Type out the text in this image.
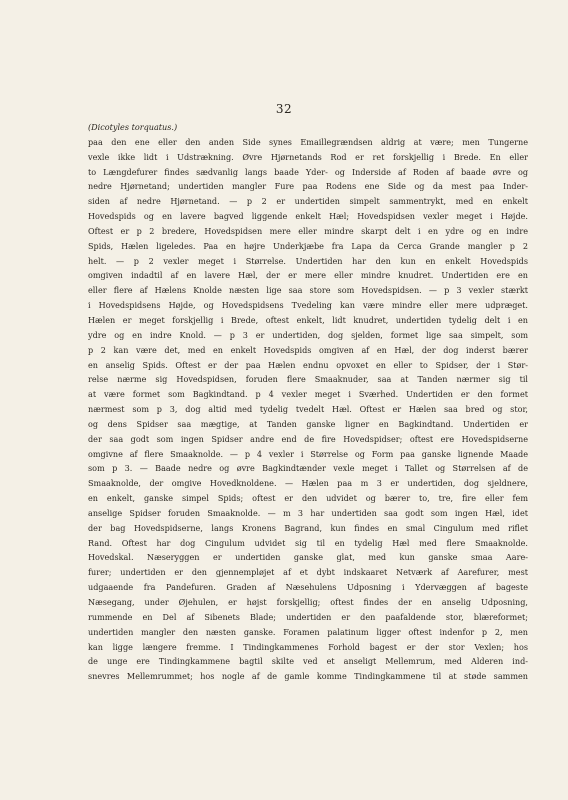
32
(Dicotyles torquatus.)
paa den ene eller den anden Side synes Emaillegrændsen aldrig at være; men Tungerne
vexle ikke lidt i Udstrækning. Øvre Hjørnetands Rod er ret forskjellig i Brede. En eller
to Længdefurer findes sædvanlig langs baade Yder- og Inderside af Roden af baade øvre og
nedre Hjørnetand; undertiden mangler Fure paa Rodens ene Side og da mest paa Inder-
siden af nedre Hjørnetand. — p 2 er undertiden simpelt sammentrykt, med en enkelt
Hovedspids og en lavere bagved liggende enkelt Hæl; Hovedspidsen vexler meget i Højde.
Oftest er p 2 bredere, Hovedspidsen mere eller mindre skarpt delt i en ydre og en indre
Spids, Hælen ligeledes. Paa en højre Underkjæbe fra Lapa da Cerca Grande mangler p 2
helt. — p 2 vexler meget i Størrelse. Undertiden har den kun en enkelt Hovedspids
omgiven indadtil af en lavere Hæl, der er mere eller mindre knudret. Undertiden ere en
eller flere af Hælens Knolde næsten lige saa store som Hovedspidsen. — p 3 vexler stærkt
i Hovedspidsens Højde, og Hovedspidsens Tvedeling kan være mindre eller mere udpræget.
Hælen er meget forskjellig i Brede, oftest enkelt, lidt knudret, undertiden tydelig delt i en
ydre og en indre Knold. — p 3 er undertiden, dog sjelden, formet lige saa simpelt, som
p 2 kan være det, med en enkelt Hovedspids omgiven af en Hæl, der dog inderst bærer
en anselig Spids. Oftest er der paa Hælen endnu opvoxet en eller to Spidser, der i Stør-
relse nærme sig Hovedspidsen, foruden flere Smaaknuder, saa at Tanden nærmer sig til
at være formet som Bagkindtand. p 4 vexler meget i Sværhed. Undertiden er den formet
nærmest som p 3, dog altid med tydelig tvedelt Hæl. Oftest er Hælen saa bred og stor,
og dens Spidser saa mægtige, at Tanden ganske ligner en Bagkindtand. Undertiden er
der saa godt som ingen Spidser andre end de fire Hovedspidser; oftest ere Hovedspidserne
omgivne af flere Smaaknolde. — p 4 vexler i Størrelse og Form paa ganske lignende Maade
som p 3. — Baade nedre og øvre Bagkindtænder vexle meget i Tallet og Størrelsen af de
Smaaknolde, der omgive Hovedknoldene. — Hælen paa m 3 er undertiden, dog sjeldnere,
en enkelt, ganske simpel Spids; oftest er den udvidet og bærer to, tre, fire eller fem
anselige Spidser foruden Smaaknolde. — m 3 har undertiden saa godt som ingen Hæl, idet
der bag Hovedspidserne, langs Kronens Bagrand, kun findes en smal Cingulum med riflet
Rand. Oftest har dog Cingulum udvidet sig til en tydelig Hæl med flere Smaaknolde.
Hovedskal. Næseryggen er undertiden ganske glat, med kun ganske smaa Aare-
furer; undertiden er den gjennempløjet af et dybt indskaaret Netværk af Aarefurer, mest
udgaaende fra Pandefuren. Graden af Næsehulens Udposning i Ydervæggen af bageste
Næsegang, under Øjehulen, er højst forskjellig; oftest findes der en anselig Udposning,
rummende en Del af Sibenets Blade; undertiden er den paafaldende stor, blæreformet;
undertiden mangler den næsten ganske. Foramen palatinum ligger oftest indenfor p 2, men
kan ligge længere fremme. I Tindingkammenes Forhold bagest er der stor Vexlen; hos
de unge ere Tindingkammene bagtil skilte ved et anseligt Mellemrum, med Alderen ind-
snevres Mellemrummet; hos nogle af de gamle komme Tindingkammene til at støde sammen
